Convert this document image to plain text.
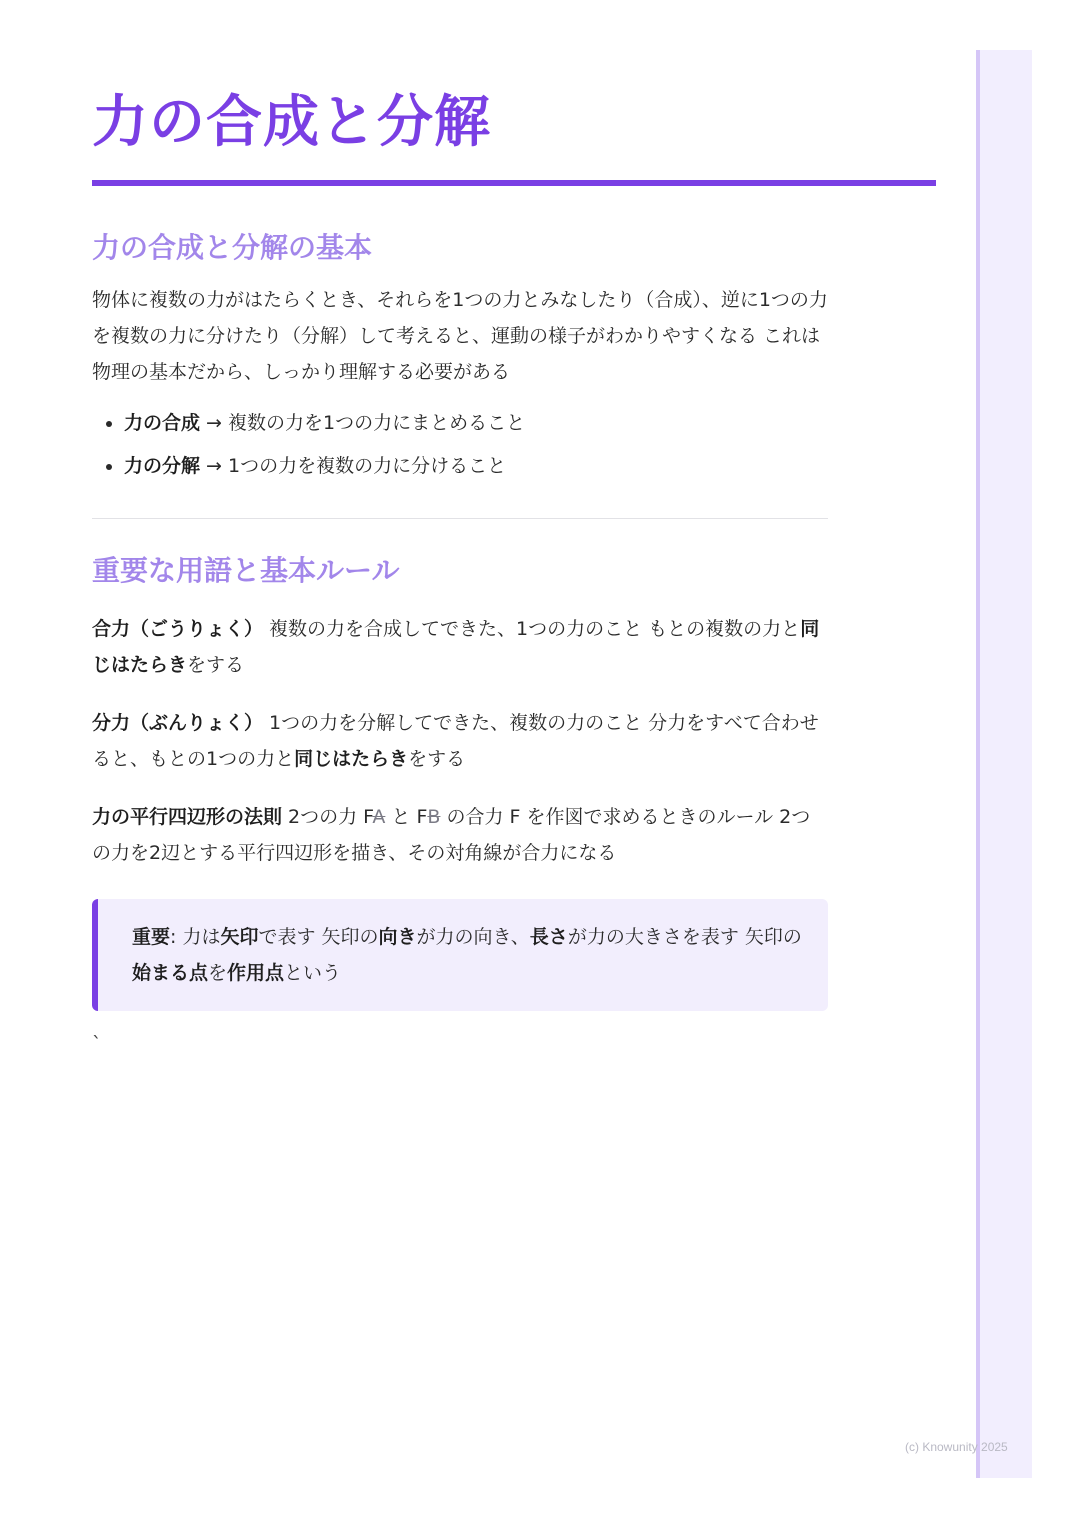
力の合成と分解
力の合成と分解の基本

物体に複数の力がはたらくとき、それらを1つの力とみなしたり（合成）、逆に1つの力を複数の力に分けたり（分解）して考えると、運動の様子がわかりやすくなる これは物理の基本だから、しっかり理解する必要がある

• 力の合成 → 複数の力を1つの力にまとめること
• 力の分解 → 1つの力を複数の力に分けること
重要な用語と基本ルール

合力（ごうりょく） 複数の力を合成してできた、1つの力のこと もとの複数の力と同じはたらきをする

分力（ぶんりょく） 1つの力を分解してできた、複数の力のこと 分力をすべて合わせると、もとの1つの力と同じはたらきをする

力の平行四辺形の法則 2つの力 FA と FB の合力 F を作図で求めるときのルール 2つの力を2辺とする平行四辺形を描き、その対角線が合力になる

重要: 力は矢印で表す 矢印の向きが力の向き、長さが力の大きさを表す 矢印の始まる点を作用点という
`
(c) Knowunity 2025
